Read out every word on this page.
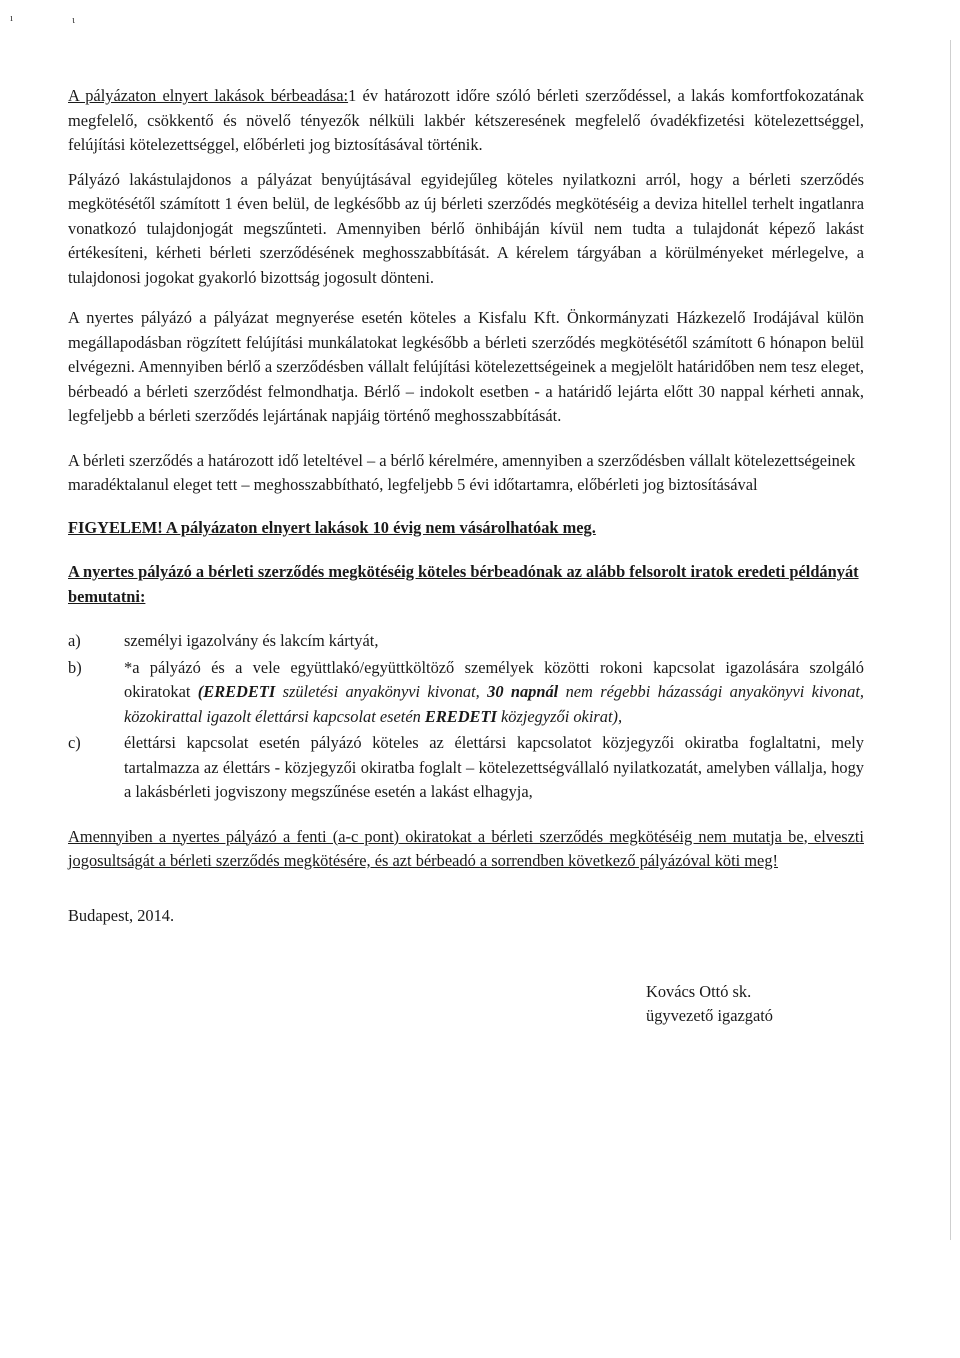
ı	ι

A pályázaton elnyert lakások bérbeadása:1 év határozott időre szóló bérleti szerződéssel, a lakás komfortfokozatának megfelelő, csökkentő és növelő tényezők nélküli lakbér kétszeresének megfelelő óvadékfizetési kötelezettséggel, felújítási kötelezettséggel, előbérleti jog biztosításával történik.

Pályázó lakástulajdonos a pályázat benyújtásával egyidejűleg köteles nyilatkozni arról, hogy a bérleti szerződés megkötésétől számított 1 éven belül, de legkésőbb az új bérleti szerződés megkötéséig a deviza hitellel terhelt ingatlanra vonatkozó tulajdonjogát megszűnteti. Amennyiben bérlő önhibáján kívül nem tudta a tulajdonát képező lakást értékesíteni, kérheti bérleti szerződésének meghosszabbítását. A kérelem tárgyában a körülményeket mérlegelve, a tulajdonosi jogokat gyakorló bizottság jogosult dönteni.

A nyertes pályázó a pályázat megnyerése esetén köteles a Kisfalu Kft. Önkormányzati Házkezelő Irodájával külön megállapodásban rögzített felújítási munkálatokat legkésőbb a bérleti szerződés megkötésétől számított 6 hónapon belül elvégezni. Amennyiben bérlő a szerződésben vállalt felújítási kötelezettségeinek a megjelölt határidőben nem tesz eleget, bérbeadó a bérleti szerződést felmondhatja. Bérlő – indokolt esetben - a határidő lejárta előtt 30 nappal kérheti annak, legfeljebb a bérleti szerződés lejártának napjáig történő meghosszabbítását.

A bérleti szerződés a határozott idő leteltével – a bérlő kérelmére, amennyiben a szerződésben vállalt kötelezettségeinek maradéktalanul eleget tett – meghosszabbítható, legfeljebb 5 évi időtartamra, előbérleti jog biztosításával

FIGYELEM! A pályázaton elnyert lakások 10 évig nem vásárolhatóak meg.

A nyertes pályázó a bérleti szerződés megkötéséig köteles bérbeadónak az alább felsorolt iratok eredeti példányát bemutatni:

a)	személyi igazolvány és lakcím kártyát,
b)	*a pályázó és a vele együttlakó/együttköltöző személyek közötti rokoni kapcsolat igazolására szolgáló okiratokat (EREDETI születési anyakönyvi kivonat, 30 napnál nem régebbi házassági anyakönyvi kivonat, közokirattal igazolt élettársi kapcsolat esetén EREDETI közjegyzői okirat),
c)	élettársi kapcsolat esetén pályázó köteles az élettársi kapcsolatot közjegyzői okiratba foglaltatni, mely tartalmazza az élettárs - közjegyzői okiratba foglalt – kötelezettségvállaló nyilatkozatát, amelyben vállalja, hogy a lakásbérleti jogviszony megszűnése esetén a lakást elhagyja,

Amennyiben a nyertes pályázó a fenti (a-c pont) okiratokat a bérleti szerződés megkötéséig nem mutatja be, elveszti jogosultságát a bérleti szerződés megkötésére, és azt bérbeadó a sorrendben következő pályázóval köti meg!

Budapest, 2014.

Kovács Ottó sk.
ügyvezető igazgató
